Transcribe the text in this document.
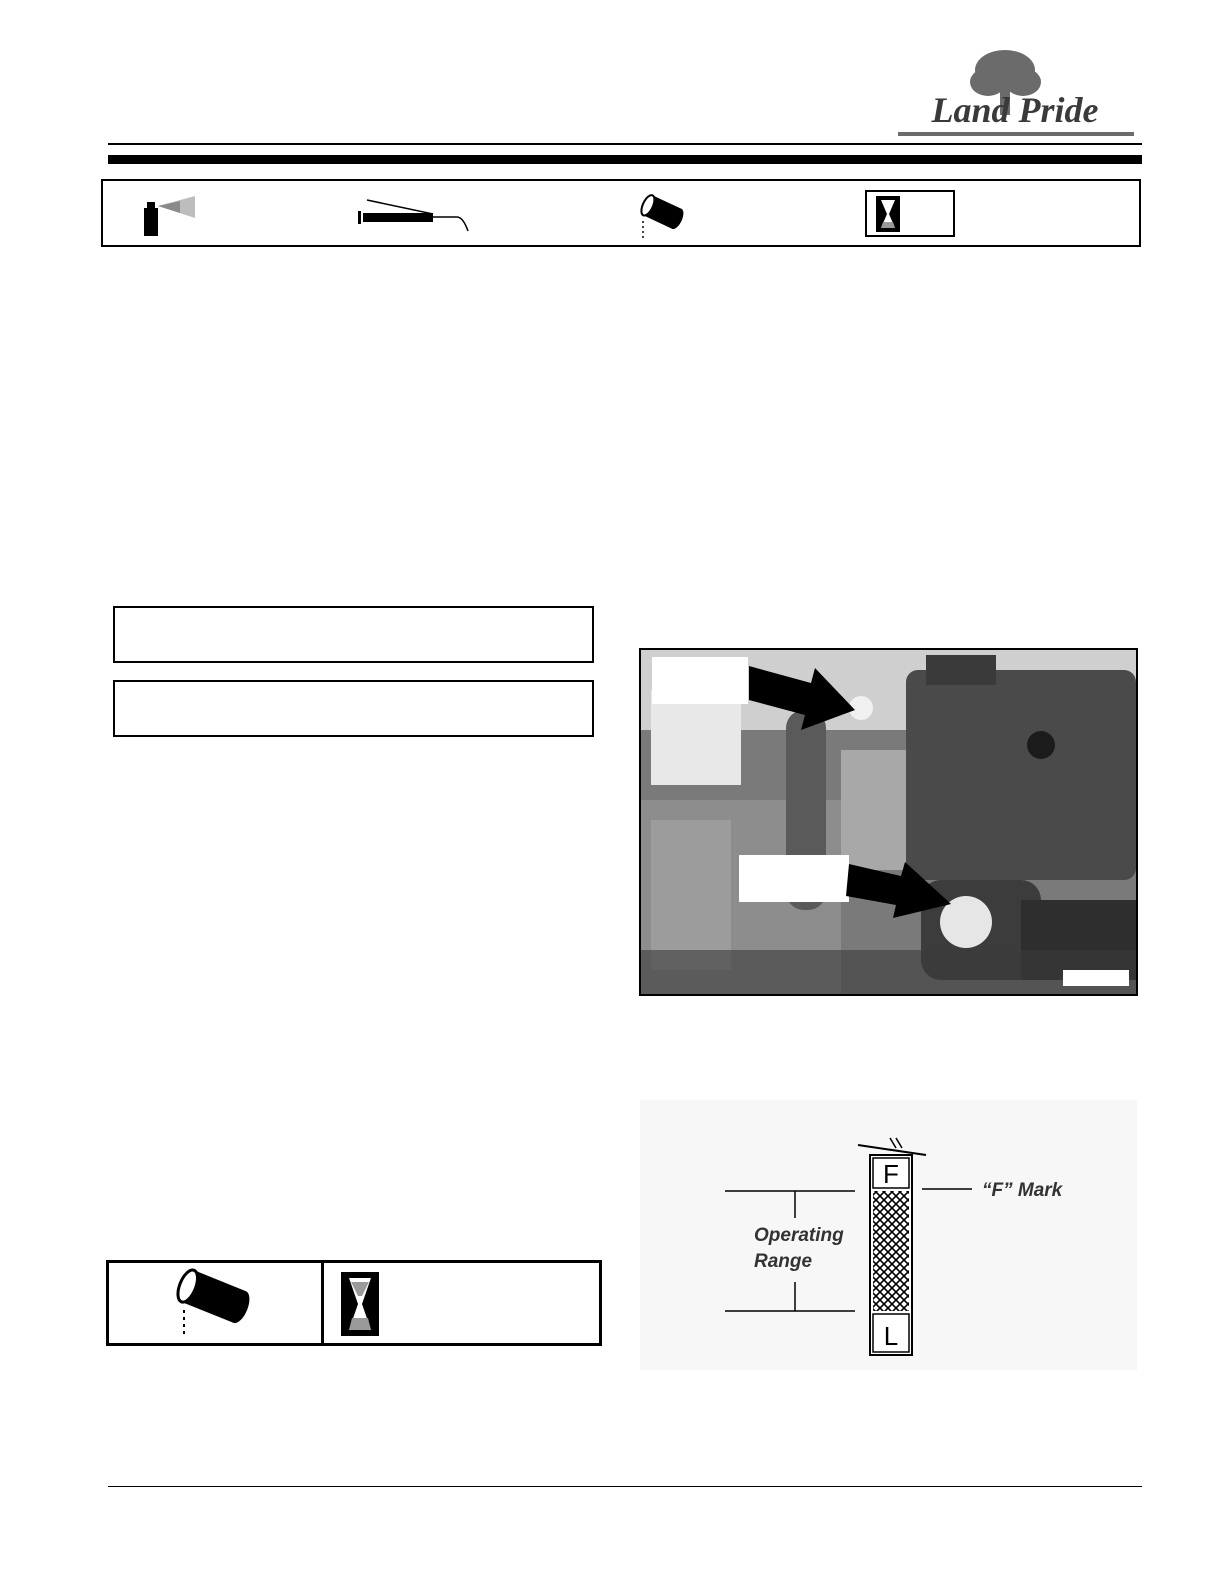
Land Pride
F
L
“F” Mark
Operating
Range
